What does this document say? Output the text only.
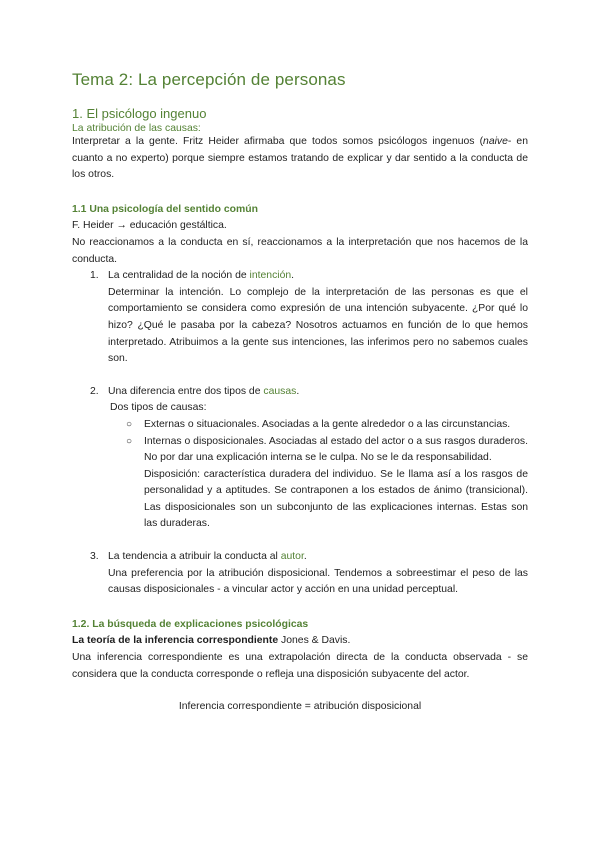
Tema 2: La percepción de personas
1. El psicólogo ingenuo
La atribución de las causas:

Interpretar a la gente. Fritz Heider afirmaba que todos somos psicólogos ingenuos (naive- en cuanto a no experto) porque siempre estamos tratando de explicar y dar sentido a la conducta de los otros.

1.1 Una psicología del sentido común

F. Heider → educación gestáltica.

No reaccionamos a la conducta en sí, reaccionamos a la interpretación que nos hacemos de la conducta.

1. La centralidad de la noción de intención.

Determinar la intención. Lo complejo de la interpretación de las personas es que el comportamiento se considera como expresión de una intención subyacente. ¿Por qué lo hizo? ¿Qué le pasaba por la cabeza? Nosotros actuamos en función de lo que hemos interpretado. Atribuimos a la gente sus intenciones, las inferimos pero no sabemos cuales son.

2. Una diferencia entre dos tipos de causas.

Dos tipos de causas:

○ Externas o situacionales. Asociadas a la gente alrededor o a las circunstancias.

○ Internas o disposicionales. Asociadas al estado del actor o a sus rasgos duraderos. No por dar una explicación interna se le culpa. No se le da responsabilidad.

Disposición: característica duradera del individuo. Se le llama así a los rasgos de personalidad y a aptitudes. Se contraponen a los estados de ánimo (transicional). Las disposicionales son un subconjunto de las explicaciones internas. Estas son las duraderas.

3. La tendencia a atribuir la conducta al autor.

Una preferencia por la atribución disposicional. Tendemos a sobreestimar el peso de las causas disposicionales - a vincular actor y acción en una unidad perceptual.

1.2. La búsqueda de explicaciones psicológicas

La teoría de la inferencia correspondiente Jones & Davis.

Una inferencia correspondiente es una extrapolación directa de la conducta observada - se considera que la conducta corresponde o refleja una disposición subyacente del actor.

Inferencia correspondiente = atribución disposicional
